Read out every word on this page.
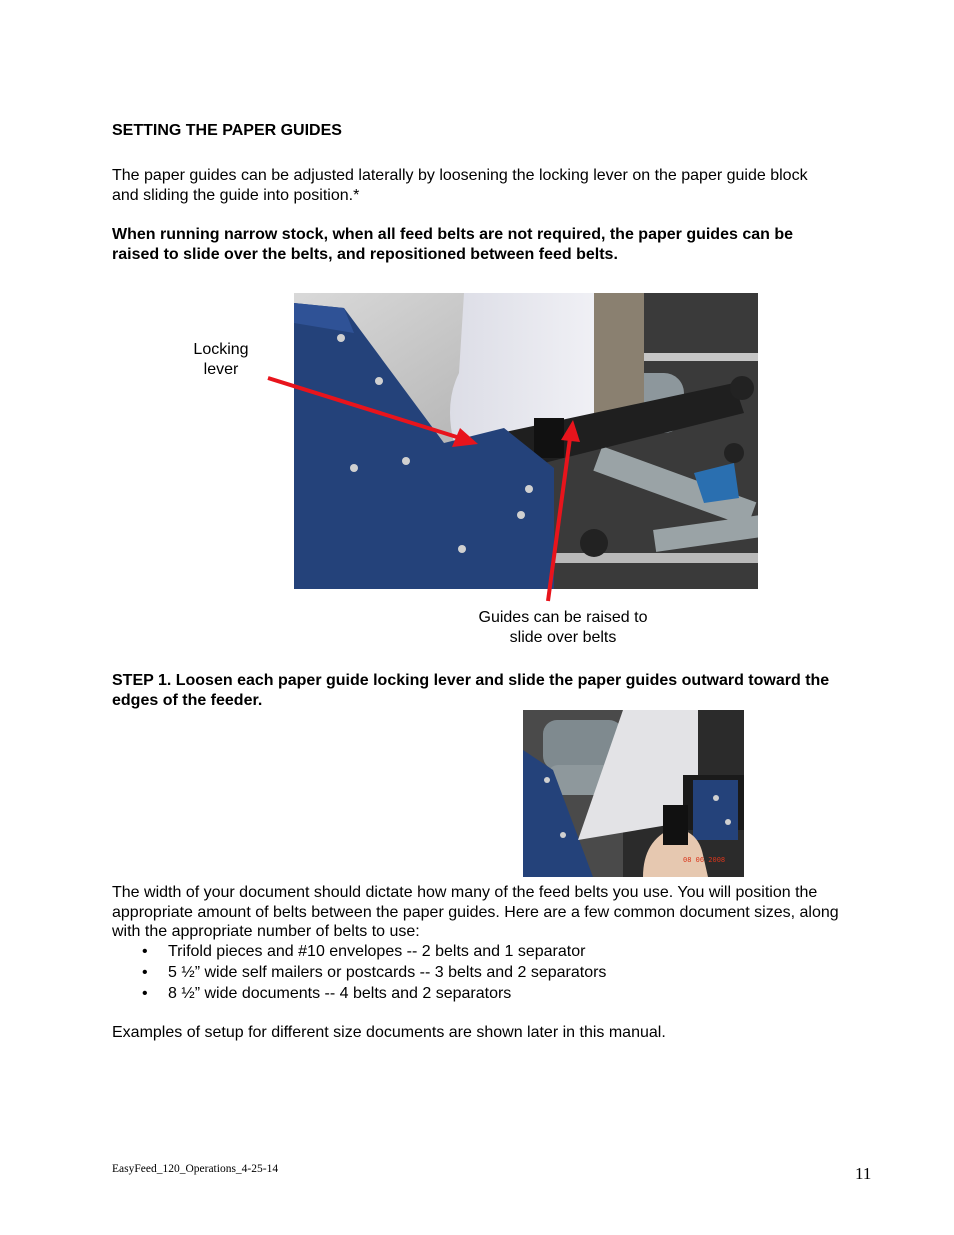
SETTING THE PAPER GUIDES
The paper guides can be adjusted laterally by loosening the locking lever on the paper guide block and sliding the guide into position.*
When running narrow stock, when all feed belts are not required, the paper guides can be raised to slide over the belts, and repositioned between feed belts.
08 06 2008
Locking
lever
Guides can be raised to
slide over belts
STEP 1. Loosen each paper guide locking lever and slide the paper guides outward toward the edges of the feeder.
The width of your document should dictate how many of the feed belts you use. You will position the appropriate amount of belts between the paper guides. Here are a few common document sizes, along with the appropriate number of belts to use:
• Trifold pieces and #10 envelopes -- 2 belts and 1 separator
• 5 ½” wide self mailers or postcards -- 3 belts and 2 separators
• 8 ½” wide documents -- 4 belts and 2 separators
Examples of setup for different size documents are shown later in this manual.
EasyFeed_120_Operations_4-25-14	11
